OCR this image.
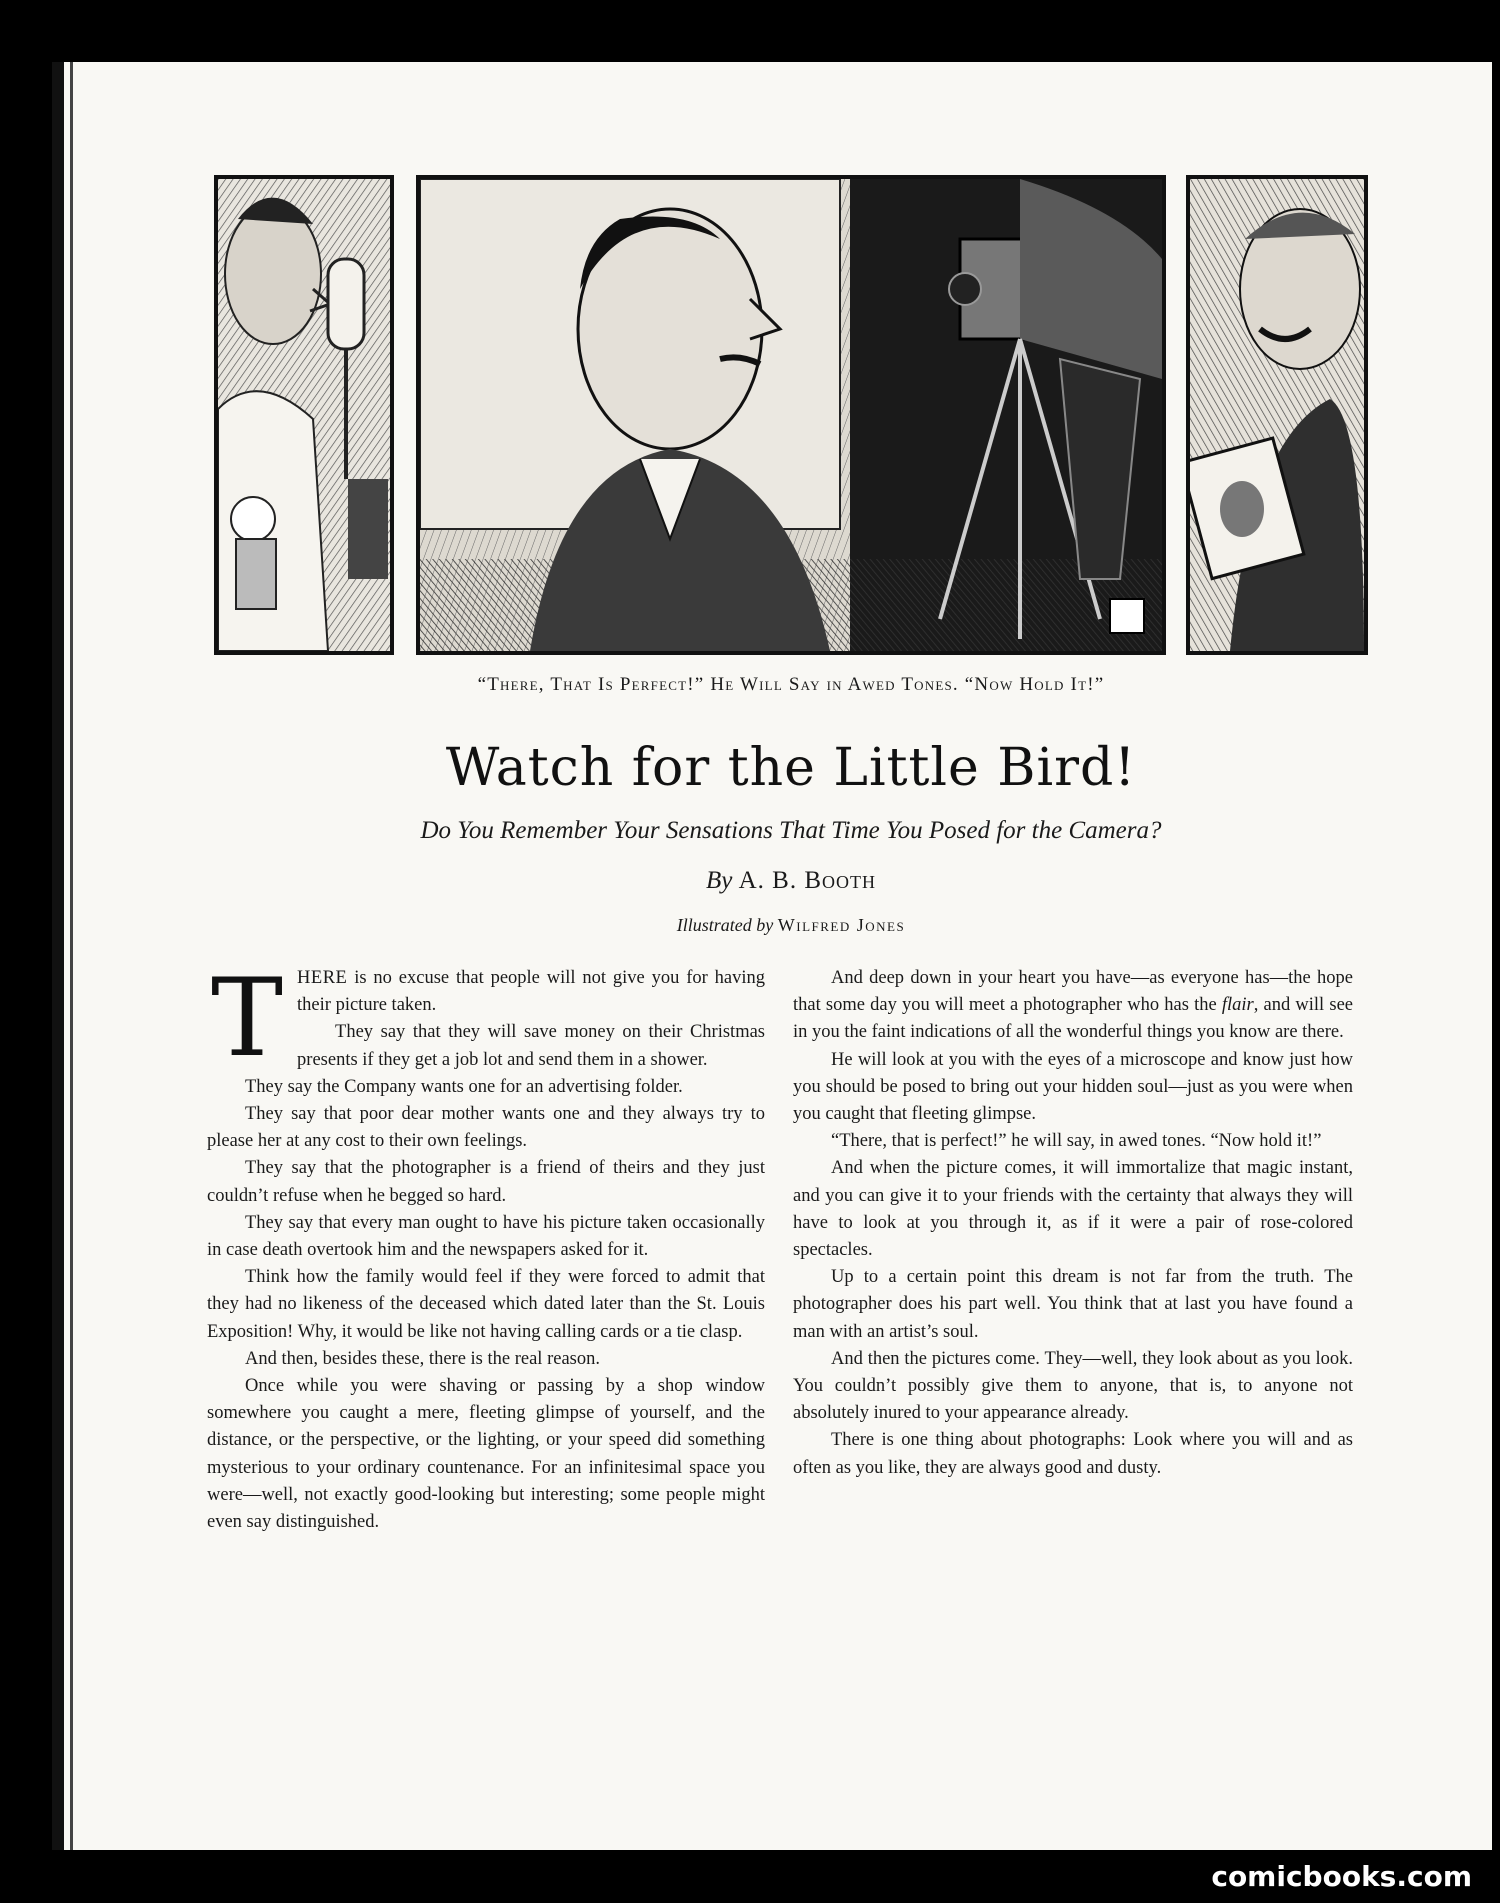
“There, That Is Perfect!” He Will Say in Awed Tones. “Now Hold It!”
Watch for the Little Bird!
Do You Remember Your Sensations That Time You Posed for the Camera?
By A. B. Booth
Illustrated by Wilfred Jones

THERE is no excuse that people will not give you for having their picture taken.

They say that they will save money on their Christmas presents if they get a job lot and send them in a shower.

They say the Company wants one for an advertising folder.

They say that poor dear mother wants one and they always try to please her at any cost to their own feelings.

They say that the photographer is a friend of theirs and they just couldn’t refuse when he begged so hard.

They say that every man ought to have his picture taken occasionally in case death overtook him and the newspapers asked for it.

Think how the family would feel if they were forced to admit that they had no likeness of the deceased which dated later than the St. Louis Exposition! Why, it would be like not having calling cards or a tie clasp.

And then, besides these, there is the real reason.

Once while you were shaving or passing by a shop window somewhere you caught a mere, fleeting glimpse of yourself, and the distance, or the perspective, or the lighting, or your speed did something mysterious to your ordinary countenance. For an infinitesimal space you were—well, not exactly good-looking but interesting; some people might even say distinguished.

And deep down in your heart you have—as everyone has—the hope that some day you will meet a photographer who has the flair, and will see in you the faint indications of all the wonderful things you know are there.

He will look at you with the eyes of a microscope and know just how you should be posed to bring out your hidden soul—just as you were when you caught that fleeting glimpse.

“There, that is perfect!” he will say, in awed tones. “Now hold it!”

And when the picture comes, it will immortalize that magic instant, and you can give it to your friends with the certainty that always they will have to look at you through it, as if it were a pair of rose-colored spectacles.

Up to a certain point this dream is not far from the truth. The photographer does his part well. You think that at last you have found a man with an artist’s soul.

And then the pictures come. They—well, they look about as you look. You couldn’t possibly give them to anyone, that is, to anyone not absolutely inured to your appearance already.

There is one thing about photographs: Look where you will and as often as you like, they are always good and dusty.

comicbooks.com
